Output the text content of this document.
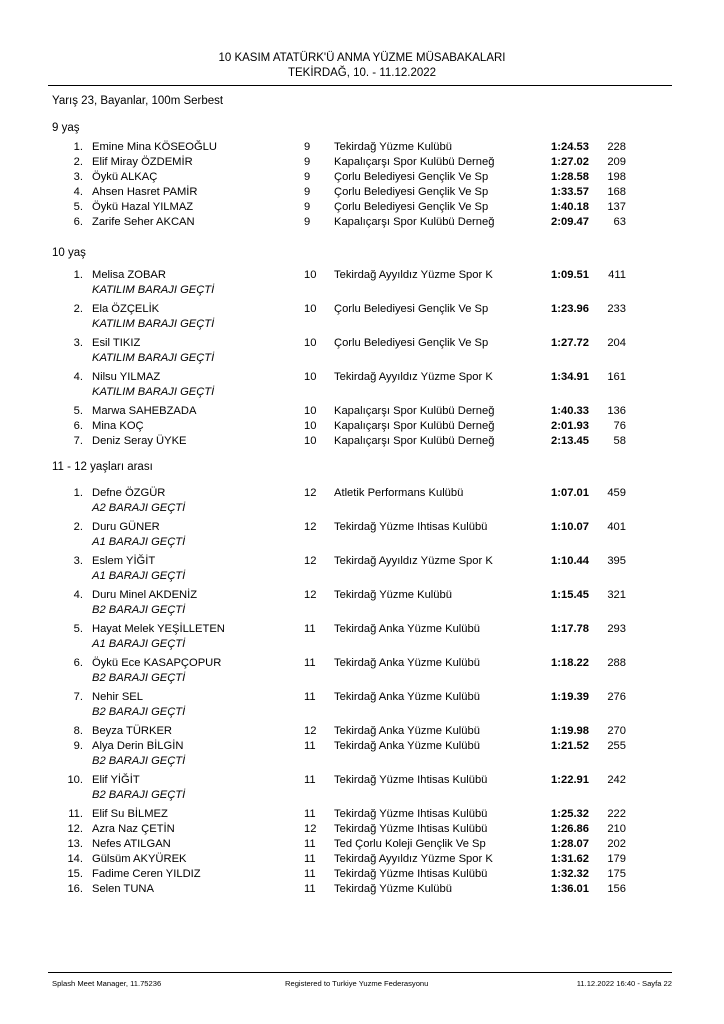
10 KASIM ATATÜRK'Ü ANMA YÜZME MÜSABAKALARI
TEKİRDAĞ, 10. - 11.12.2022
Yarış 23, Bayanlar, 100m Serbest
9 yaş
1. Emine Mina KÖSEOĞLU	9 Tekirdağ Yüzme Kulübü	1:24.53 228
2. Elif Miray ÖZDEMİR	9 Kapalıçarşı Spor Kulübü Derneğ	1:27.02 209
3. Öykü ALKAÇ	9 Çorlu Belediyesi Gençlik Ve Sp	1:28.58 198
4. Ahsen Hasret PAMİR	9 Çorlu Belediyesi Gençlik Ve Sp	1:33.57 168
5. Öykü Hazal YILMAZ	9 Çorlu Belediyesi Gençlik Ve Sp	1:40.18 137
6. Zarife Seher AKCAN	9 Kapalıçarşı Spor Kulübü Derneğ	2:09.47 63
10 yaş
1. Melisa ZOBAR	10 Tekirdağ Ayyıldız Yüzme Spor K	1:09.51 411
KATILIM BARAJI GEÇTİ
2. Ela ÖZÇELİK	10 Çorlu Belediyesi Gençlik Ve Sp	1:23.96 233
KATILIM BARAJI GEÇTİ
3. Esil TIKIZ	10 Çorlu Belediyesi Gençlik Ve Sp	1:27.72 204
KATILIM BARAJI GEÇTİ
4. Nilsu YILMAZ	10 Tekirdağ Ayyıldız Yüzme Spor K	1:34.91 161
KATILIM BARAJI GEÇTİ
5. Marwa SAHEBZADA	10 Kapalıçarşı Spor Kulübü Derneğ	1:40.33 136
6. Mina KOÇ	10 Kapalıçarşı Spor Kulübü Derneğ	2:01.93 76
7. Deniz Seray ÜYKE	10 Kapalıçarşı Spor Kulübü Derneğ	2:13.45 58
11 - 12 yaşları arası
1. Defne ÖZGÜR	12 Atletik Performans Kulübü	1:07.01 459
A2 BARAJI GEÇTİ
2. Duru GÜNER	12 Tekirdağ Yüzme Ihtisas Kulübü	1:10.07 401
A1 BARAJI GEÇTİ
3. Eslem YİĞİT	12 Tekirdağ Ayyıldız Yüzme Spor K	1:10.44 395
A1 BARAJI GEÇTİ
4. Duru Minel AKDENİZ	12 Tekirdağ Yüzme Kulübü	1:15.45 321
B2 BARAJI GEÇTİ
5. Hayat Melek YEŞİLLETEN	11 Tekirdağ Anka Yüzme Kulübü	1:17.78 293
A1 BARAJI GEÇTİ
6. Öykü Ece KASAPÇOPUR	11 Tekirdağ Anka Yüzme Kulübü	1:18.22 288
B2 BARAJI GEÇTİ
7. Nehir SEL	11 Tekirdağ Anka Yüzme Kulübü	1:19.39 276
B2 BARAJI GEÇTİ
8. Beyza TÜRKER	12 Tekirdağ Anka Yüzme Kulübü	1:19.98 270
9. Alya Derin BİLGİN	11 Tekirdağ Anka Yüzme Kulübü	1:21.52 255
B2 BARAJI GEÇTİ
10. Elif YİĞİT	11 Tekirdağ Yüzme Ihtisas Kulübü	1:22.91 242
B2 BARAJI GEÇTİ
11. Elif Su BİLMEZ	11 Tekirdağ Yüzme Ihtisas Kulübü	1:25.32 222
12. Azra Naz ÇETİN	12 Tekirdağ Yüzme Ihtisas Kulübü	1:26.86 210
13. Nefes ATILGAN	11 Ted Çorlu Koleji Gençlik Ve Sp	1:28.07 202
14. Gülsüm AKYÜREK	11 Tekirdağ Ayyıldız Yüzme Spor K	1:31.62 179
15. Fadime Ceren YILDIZ	11 Tekirdağ Yüzme Ihtisas Kulübü	1:32.32 175
16. Selen TUNA	11 Tekirdağ Yüzme Kulübü	1:36.01 156
Splash Meet Manager, 11.75236	Registered to Turkiye Yuzme Federasyonu	11.12.2022 16:40 - Sayfa 22
